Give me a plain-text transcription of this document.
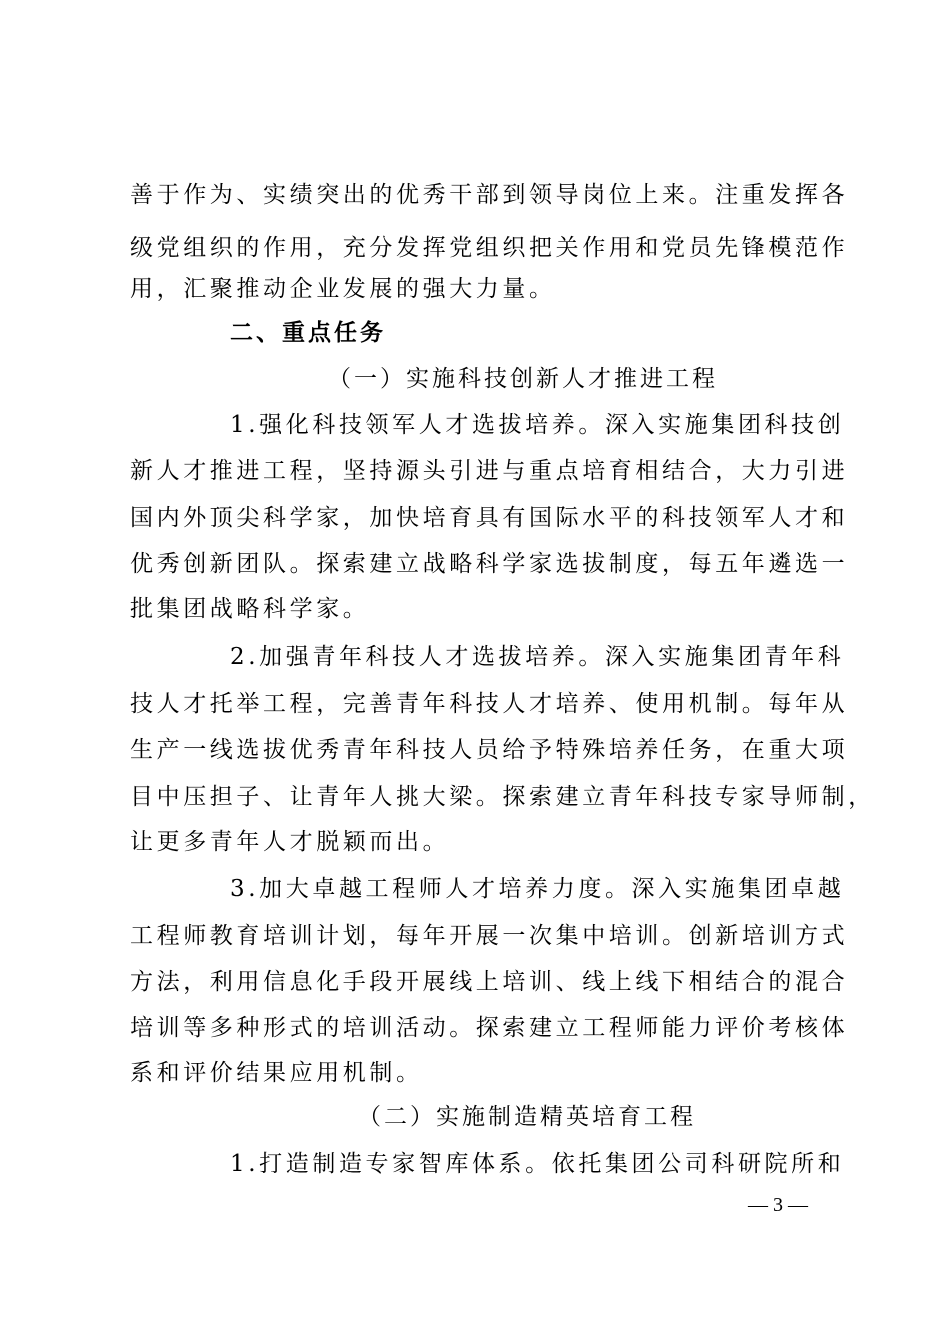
善于作为、实绩突出的优秀干部到领导岗位上来。注重发挥各
级党组织的作用，充分发挥党组织把关作用和党员先锋模范作
用，汇聚推动企业发展的强大力量。
二、重点任务
（一）实施科技创新人才推进工程
1.强化科技领军人才选拔培养。深入实施集团科技创
新人才推进工程，坚持源头引进与重点培育相结合，大力引进
国内外顶尖科学家，加快培育具有国际水平的科技领军人才和
优秀创新团队。探索建立战略科学家选拔制度，每五年遴选一
批集团战略科学家。
2.加强青年科技人才选拔培养。深入实施集团青年科
技人才托举工程，完善青年科技人才培养、使用机制。每年从
生产一线选拔优秀青年科技人员给予特殊培养任务，在重大项
目中压担子、让青年人挑大梁。探索建立青年科技专家导师制，
让更多青年人才脱颖而出。
3.加大卓越工程师人才培养力度。深入实施集团卓越
工程师教育培训计划，每年开展一次集中培训。创新培训方式
方法，利用信息化手段开展线上培训、线上线下相结合的混合
培训等多种形式的培训活动。探索建立工程师能力评价考核体
系和评价结果应用机制。
（二）实施制造精英培育工程
1.打造制造专家智库体系。依托集团公司科研院所和
— 3 —
